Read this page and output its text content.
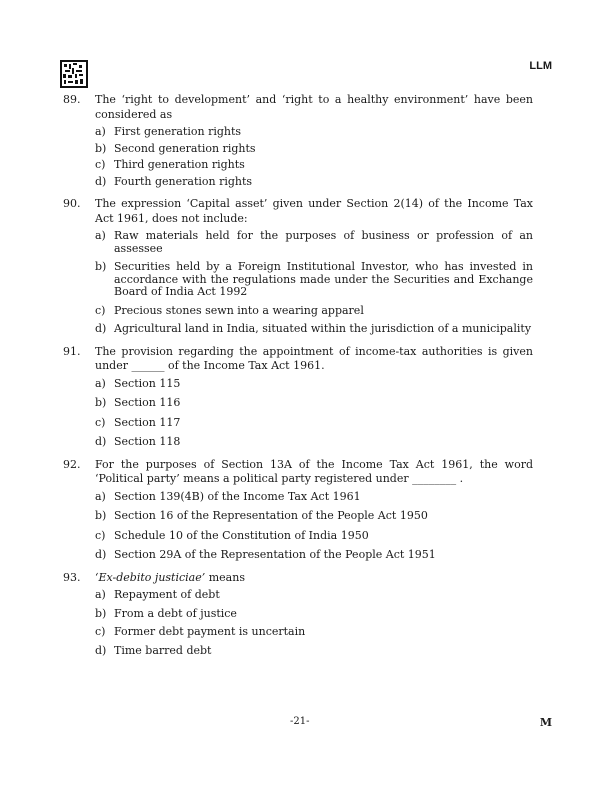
LLM
89.	The ‘right to development’ and ‘right to a healthy environment’ have been considered as
a) First generation rights
b) Second generation rights
c) Third generation rights
d) Fourth generation rights
90.	The expression ‘Capital asset’ given under Section 2(14) of the Income Tax Act 1961, does not include:
a) Raw materials held for the purposes of business or profession of an assessee
b) Securities held by a Foreign Institutional Investor, who has invested in accordance with the regulations made under the Securities and Exchange Board of India Act 1992
c) Precious stones sewn into a wearing apparel
d) Agricultural land in India, situated within the jurisdiction of a municipality
91.	The provision regarding the appointment of income-tax authorities is given under ______ of the Income Tax Act 1961.
a) Section 115
b) Section 116
c) Section 117
d) Section 118
92.	For the purposes of Section 13A of the Income Tax Act 1961, the word ‘Political party’ means a political party registered under ________ .
a) Section 139(4B) of the Income Tax Act 1961
b) Section 16 of the Representation of the People Act 1950
c) Schedule 10 of the Constitution of India 1950
d) Section 29A of the Representation of the People Act 1951
93.	‘Ex-debito justiciae’ means
a) Repayment of debt
b) From a debt of justice
c) Former debt payment is uncertain
d) Time barred debt
-21-	M
